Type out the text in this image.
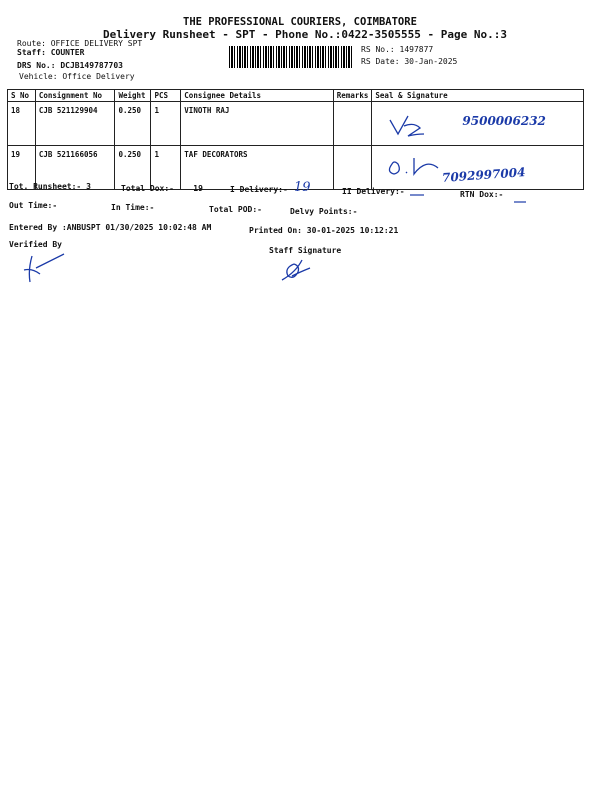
THE PROFESSIONAL COURIERS, COIMBATORE
Delivery Runsheet - SPT - Phone No.:0422-3505555 - Page No.:3
Route: OFFICE DELIVERY SPT
Staff: COUNTER
DRS No.: DCJB149787703
Vehicle: Office Delivery
RS No.: 1497877
RS Date: 30-Jan-2025
S No	Consignment No	Weight	PCS	Consignee Details	Remarks	Seal & Signature
18	CJB 521129904	0.250	1	VINOTH RAJ		9500006232

19	CJB 521166056	0.250	1	TAF DECORATORS		7092997004
Tot. Runsheet:- 3	Total Dox:-    19	I Delivery:- 19	II Delivery:-	RTN Dox:-
Out Time:-	In Time:-	Total POD:-	Delvy Points:-
Entered By :ANBUSPT 01/30/2025 10:02:48 AM	Printed On: 30-01-2025 10:12:21
Verified By
Staff Signature
